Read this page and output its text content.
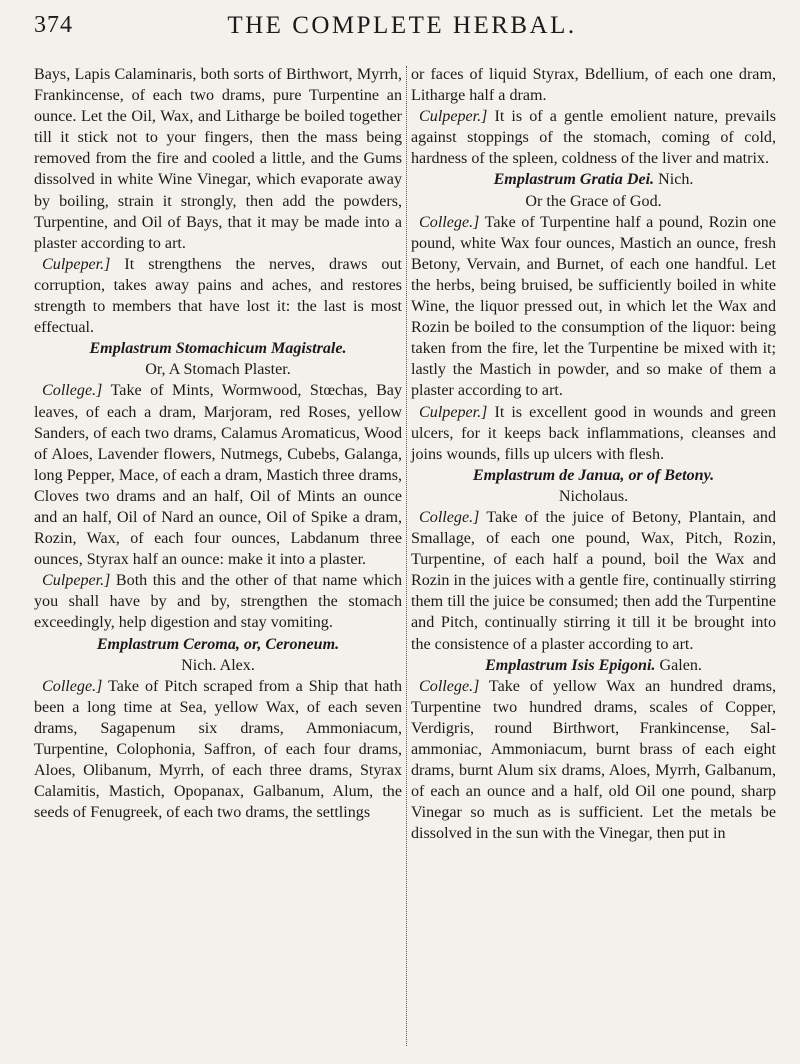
374	THE COMPLETE HERBAL.

Bays, Lapis Calaminaris, both sorts of Birthwort, Myrrh, Frankincense, of each two drams, pure Turpentine an ounce. Let the Oil, Wax, and Litharge be boiled together till it stick not to your fingers, then the mass being removed from the fire and cooled a little, and the Gums dissolved in white Wine Vinegar, which evaporate away by boiling, strain it strongly, then add the powders, Turpentine, and Oil of Bays, that it may be made into a plaster according to art.

 Culpeper.] It strengthens the nerves, draws out corruption, takes away pains and aches, and restores strength to members that have lost it: the last is most effectual.

Emplastrum Stomachicum Magistrale.

Or, A Stomach Plaster.

 College.] Take of Mints, Wormwood, Stœchas, Bay leaves, of each a dram, Marjoram, red Roses, yellow Sanders, of each two drams, Calamus Aromaticus, Wood of Aloes, Lavender flowers, Nutmegs, Cubebs, Galanga, long Pepper, Mace, of each a dram, Mastich three drams, Cloves two drams and an half, Oil of Mints an ounce and an half, Oil of Nard an ounce, Oil of Spike a dram, Rozin, Wax, of each four ounces, Labdanum three ounces, Styrax half an ounce: make it into a plaster.

 Culpeper.] Both this and the other of that name which you shall have by and by, strengthen the stomach exceedingly, help digestion and stay vomiting.

Emplastrum Ceroma, or, Ceroneum.

Nich. Alex.

 College.] Take of Pitch scraped from a Ship that hath been a long time at Sea, yellow Wax, of each seven drams, Sagapenum six drams, Ammoniacum, Turpentine, Colophonia, Saffron, of each four drams, Aloes, Olibanum, Myrrh, of each three drams, Styrax Calamitis, Mastich, Opopanax, Galbanum, Alum, the seeds of Fenugreek, of each two drams, the settlings

or faces of liquid Styrax, Bdellium, of each one dram, Litharge half a dram.

 Culpeper.] It is of a gentle emolient nature, prevails against stoppings of the stomach, coming of cold, hardness of the spleen, coldness of the liver and matrix.

Emplastrum Gratia Dei. Nich.

Or the Grace of God.

 College.] Take of Turpentine half a pound, Rozin one pound, white Wax four ounces, Mastich an ounce, fresh Betony, Vervain, and Burnet, of each one handful. Let the herbs, being bruised, be sufficiently boiled in white Wine, the liquor pressed out, in which let the Wax and Rozin be boiled to the consumption of the liquor: being taken from the fire, let the Turpentine be mixed with it; lastly the Mastich in powder, and so make of them a plaster according to art.

 Culpeper.] It is excellent good in wounds and green ulcers, for it keeps back inflammations, cleanses and joins wounds, fills up ulcers with flesh.

Emplastrum de Janua, or of Betony.

Nicholaus.

 College.] Take of the juice of Betony, Plantain, and Smallage, of each one pound, Wax, Pitch, Rozin, Turpentine, of each half a pound, boil the Wax and Rozin in the juices with a gentle fire, continually stirring them till the juice be consumed; then add the Turpentine and Pitch, continually stirring it till it be brought into the consistence of a plaster according to art.

Emplastrum Isis Epigoni. Galen.

 College.] Take of yellow Wax an hundred drams, Turpentine two hundred drams, scales of Copper, Verdigris, round Birthwort, Frankincense, Sal-ammoniac, Ammoniacum, burnt brass of each eight drams, burnt Alum six drams, Aloes, Myrrh, Galbanum, of each an ounce and a half, old Oil one pound, sharp Vinegar so much as is sufficient. Let the metals be dissolved in the sun with the Vinegar, then put in
